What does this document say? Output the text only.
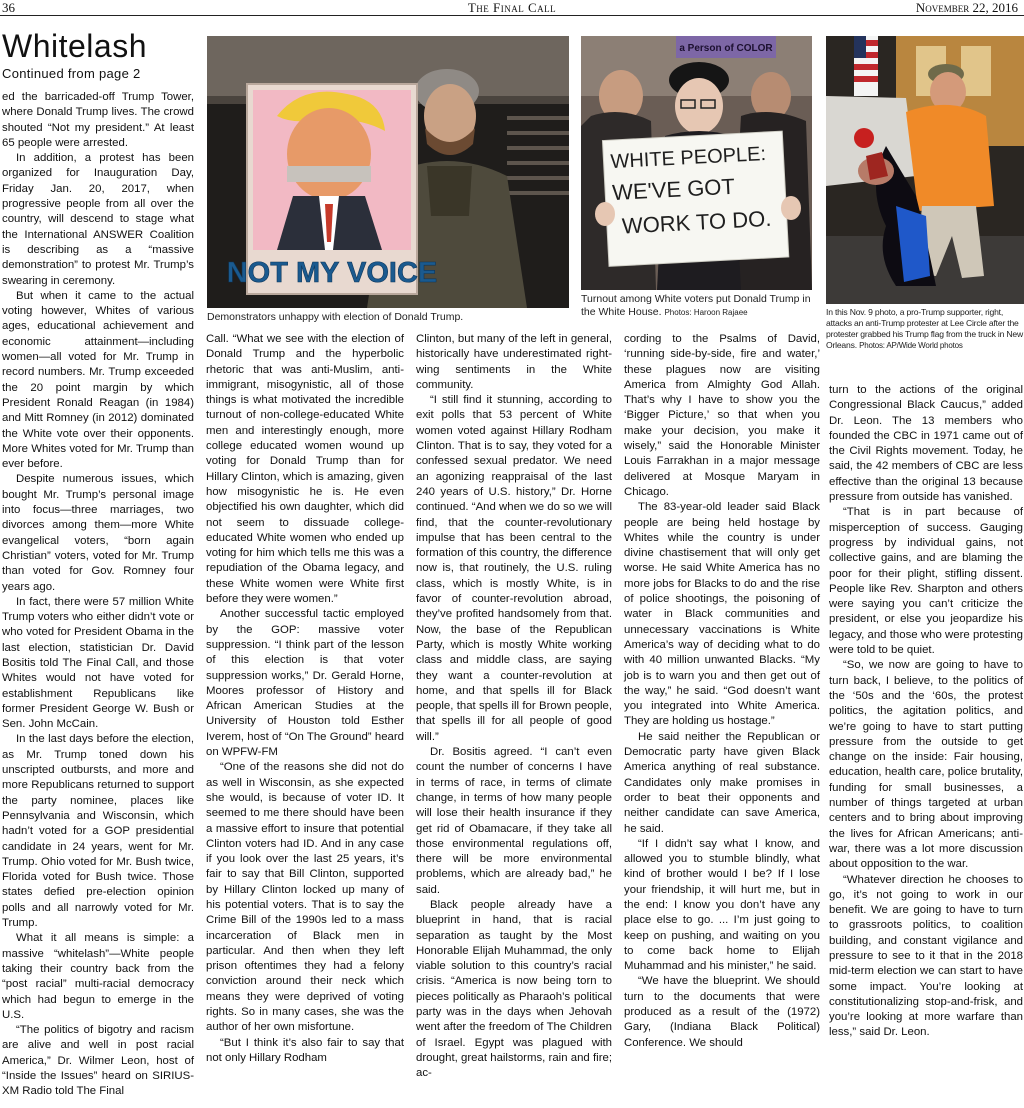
36	The Final Call	November 22, 2016
Whitelash
Continued from page 2
NOT MY VOICE
Demonstrators unhappy with election of Donald Trump.
a Person of COLOR
WHITE PEOPLE:
WE'VE GOT
WORK TO DO.
Turnout among White voters put Donald Trump in the White House. Photos: Haroon Rajaee	In this Nov. 9 photo, a pro-Trump supporter, right, attacks an anti-Trump protester at Lee Circle after the protester grabbed his Trump flag from the truck in New Orleans. Photos: AP/Wide World photos

ed the barricaded-off Trump Tower, where Donald Trump lives. The crowd shouted “Not my president.” At least 65 people were arrested.

In addition, a protest has been organized for Inauguration Day, Friday Jan. 20, 2017, when progressive people from all over the country, will descend to stage what the International ANSWER Coalition is describing as a “massive demonstration” to protest Mr. Trump’s swearing in ceremony.

But when it came to the actual voting however, Whites of various ages, educational achievement and economic attainment—including women—all voted for Mr. Trump in record numbers. Mr. Trump exceeded the 20 point margin by which President Ronald Reagan (in 1984) and Mitt Romney (in 2012) dominated the White vote over their opponents. More Whites voted for Mr. Trump than ever before.

Despite numerous issues, which bought Mr. Trump’s personal image into focus—three marriages, two divorces among them—more White evangelical voters, “born again Christian” voters, voted for Mr. Trump than voted for Gov. Romney four years ago.

In fact, there were 57 million White Trump voters who either didn’t vote or who voted for President Obama in the last election, statistician Dr. David Bositis told The Final Call, and those Whites would not have voted for establishment Republicans like former President George W. Bush or Sen. John McCain.

In the last days before the election, as Mr. Trump toned down his unscripted outbursts, and more and more Republicans returned to support the party nominee, places like Pennsylvania and Wisconsin, which hadn’t voted for a GOP presidential candidate in 24 years, went for Mr. Trump. Ohio voted for Mr. Bush twice, Florida voted for Bush twice. Those states defied pre-election opinion polls and all narrowly voted for Mr. Trump.

What it all means is simple: a massive “whitelash”—White people taking their country back from the “post racial” multi-racial democracy which had begun to emerge in the U.S.

“The politics of bigotry and racism are alive and well in post racial America,” Dr. Wilmer Leon, host of “Inside the Issues” heard on SIRIUS-XM Radio told The Final

Call. “What we see with the election of Donald Trump and the hyperbolic rhetoric that was anti-Muslim, anti-immigrant, misogynistic, all of those things is what motivated the incredible turnout of non-college-educated White men and interestingly enough, more college educated women wound up voting for Donald Trump than for Hillary Clinton, which is amazing, given how misogynistic he is. He even objectified his own daughter, which did not seem to dissuade college-educated White women who ended up voting for him which tells me this was a repudiation of the Obama legacy, and these White women were White first before they were women.”

Another successful tactic employed by the GOP: massive voter suppression. “I think part of the lesson of this election is that voter suppression works,” Dr. Gerald Horne, Moores professor of History and African American Studies at the University of Houston told Esther Iverem, host of “On The Ground” heard on WPFW-FM

“One of the reasons she did not do as well in Wisconsin, as she expected she would, is because of voter ID. It seemed to me there should have been a massive effort to insure that potential Clinton voters had ID. And in any case if you look over the last 25 years, it’s fair to say that Bill Clinton, supported by Hillary Clinton locked up many of his potential voters. That is to say the Crime Bill of the 1990s led to a mass incarceration of Black men in particular. And then when they left prison oftentimes they had a felony conviction around their neck which means they were deprived of voting rights. So in many cases, she was the author of her own misfortune.

“But I think it’s also fair to say that not only Hillary Rodham

Clinton, but many of the left in general, historically have underestimated right-wing sentiments in the White community.

“I still find it stunning, according to exit polls that 53 percent of White women voted against Hillary Rodham Clinton. That is to say, they voted for a confessed sexual predator. We need an agonizing reappraisal of the last 240 years of U.S. history,” Dr. Horne continued. “And when we do so we will find, that the counter-revolutionary impulse that has been central to the formation of this country, the difference now is, that routinely, the U.S. ruling class, which is mostly White, is in favor of counter-revolution abroad, they’ve profited handsomely from that. Now, the base of the Republican Party, which is mostly White working class and middle class, are saying they want a counter-revolution at home, and that spells ill for Black people, that spells ill for Brown people, that spells ill for all people of good will.”

Dr. Bositis agreed. “I can’t even count the number of concerns I have in terms of race, in terms of climate change, in terms of how many people will lose their health insurance if they get rid of Obamacare, if they take all those environmental regulations off, there will be more environmental problems, which are already bad,” he said.

Black people already have a blueprint in hand, that is racial separation as taught by the Most Honorable Elijah Muhammad, the only viable solution to this country’s racial crisis. “America is now being torn to pieces politically as Pharaoh’s political party was in the days when Jehovah went after the freedom of The Children of Israel. Egypt was plagued with drought, great hailstorms, rain and fire; ac-

cording to the Psalms of David, ‘running side-by-side, fire and water,’ these plagues now are visiting America from Almighty God Allah. That’s why I have to show you the ‘Bigger Picture,’ so that when you make your decision, you make it wisely,” said the Honorable Minister Louis Farrakhan in a major message delivered at Mosque Maryam in Chicago.

The 83-year-old leader said Black people are being held hostage by Whites while the country is under divine chastisement that will only get worse. He said White America has no more jobs for Blacks to do and the rise of police shootings, the poisoning of water in Black communities and unnecessary vaccinations is White America’s way of deciding what to do with 40 million unwanted Blacks. “My job is to warn you and then get out of the way,” he said. “God doesn’t want you integrated into White America. They are holding us hostage.”

He said neither the Republican or Democratic party have given Black America anything of real substance. Candidates only make promises in order to beat their opponents and neither candidate can save America, he said.

“If I didn’t say what I know, and allowed you to stumble blindly, what kind of brother would I be? If I lose your friendship, it will hurt me, but in the end: I know you don’t have any place else to go. ... I’m just going to keep on pushing, and waiting on you to come back home to Elijah Muhammad and his minister,” he said.

“We have the blueprint. We should turn to the documents that were produced as a result of the (1972) Gary, (Indiana Black Political) Conference. We should

turn to the actions of the original Congressional Black Caucus,” added Dr. Leon. The 13 members who founded the CBC in 1971 came out of the Civil Rights movement. Today, he said, the 42 members of CBC are less effective than the original 13 because pressure from outside has vanished.

“That is in part because of misperception of success. Gauging progress by individual gains, not collective gains, and are blaming the poor for their plight, stifling dissent. People like Rev. Sharpton and others were saying you can’t criticize the president, or else you jeopardize his legacy, and those who were protesting were told to be quiet.

“So, we now are going to have to turn back, I believe, to the politics of the ‘50s and the ‘60s, the protest politics, the agitation politics, and we’re going to have to start putting pressure from the outside to get change on the inside: Fair housing, education, health care, police brutality, funding for small businesses, a number of things targeted at urban centers and to bring about improving the lives for African Americans; anti-war, there was a lot more discussion about opposition to the war.

“Whatever direction he chooses to go, it’s not going to work in our benefit. We are going to have to turn to grassroots politics, to coalition building, and constant vigilance and pressure to see to it that in the 2018 mid-term election we can start to have some impact. You’re looking at constitutionalizing stop-and-frisk, and you’re looking at more warfare than less,” said Dr. Leon.
